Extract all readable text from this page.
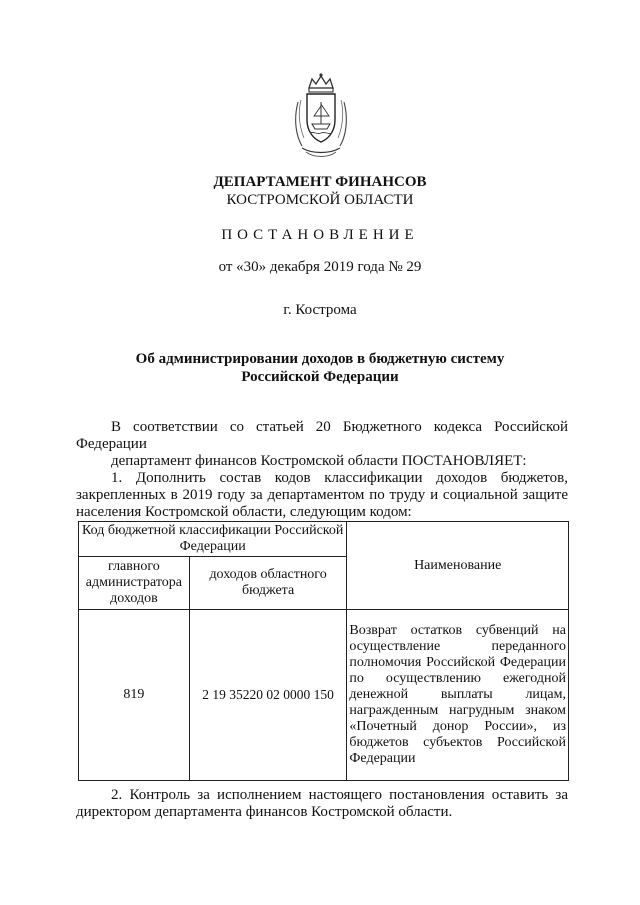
ДЕПАРТАМЕНТ ФИНАНСОВ
КОСТРОМСКОЙ ОБЛАСТИ
ПОСТАНОВЛЕНИЕ
от «30» декабря 2019 года № 29
г. Кострома
Об администрировании доходов в бюджетную систему
Российской Федерации
В соответствии со статьей 20 Бюджетного кодекса Российской Федерации
департамент финансов Костромской области ПОСТАНОВЛЯЕТ:
1. Дополнить состав кодов классификации доходов бюджетов, закрепленных в 2019 году за департаментом по труду и социальной защите населения Костромской области, следующим кодом:
Код бюджетной классификации Российской Федерации		Наименование
главного администратора доходов	доходов областного бюджета	
819	2 19 35220 02 0000 150	Возврат остатков субвенций на осуществление переданного полномочия Российской Федерации по осуществлению ежегодной денежной выплаты лицам, награжденным нагрудным знаком «Почетный донор России», из бюджетов субъектов Российской Федерации
2. Контроль за исполнением настоящего постановления оставить за директором департамента финансов Костромской области.
